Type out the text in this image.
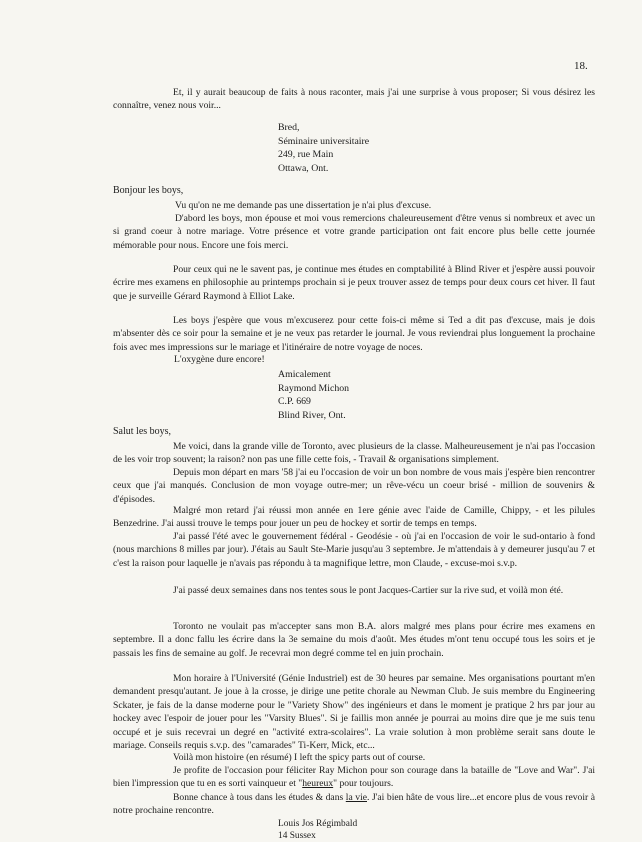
18.

Et, il y aurait beaucoup de faits à nous raconter, mais j'ai une surprise à vous proposer; Si vous désirez les connaître, venez nous voir...

Bred,
Séminaire universitaire
249, rue Main
Ottawa, Ont.
Bonjour les boys,

Vu qu'on ne me demande pas une dissertation je n'ai plus d'excuse.

D'abord les boys, mon épouse et moi vous remercions chaleureusement d'être venus si nombreux et avec un si grand coeur à notre mariage. Votre présence et votre grande participation ont fait encore plus belle cette journée mémorable pour nous. Encore une fois merci.

Pour ceux qui ne le savent pas, je continue mes études en comptabilité à Blind River et j'espère aussi pouvoir écrire mes examens en philosophie au printemps prochain si je peux trouver assez de temps pour deux cours cet hiver. Il faut que je surveille Gérard Raymond à Elliot Lake.

Les boys j'espère que vous m'excuserez pour cette fois-ci même si Ted a dit pas d'excuse, mais je dois m'absenter dès ce soir pour la semaine et je ne veux pas retarder le journal. Je vous reviendrai plus longuement la prochaine fois avec mes impressions sur le mariage et l'itinéraire de notre voyage de noces.

L'oxygène dure encore!
Amicalement
Raymond Michon
C.P. 669
Blind River, Ont.
Salut les boys,

Me voici, dans la grande ville de Toronto, avec plusieurs de la classe. Malheureusement je n'ai pas l'occasion de les voir trop souvent; la raison? non pas une fille cette fois, - Travail & organisations simplement.

Depuis mon départ en mars '58 j'ai eu l'occasion de voir un bon nombre de vous mais j'espère bien rencontrer ceux que j'ai manqués. Conclusion de mon voyage outre-mer; un rêve-vécu un coeur brisé - million de souvenirs & d'épisodes.

Malgré mon retard j'ai réussi mon année en 1ere génie avec l'aide de Camille, Chippy, - et les pilules Benzedrine. J'ai aussi trouve le temps pour jouer un peu de hockey et sortir de temps en temps.

J'ai passé l'été avec le gouvernement fédéral - Geodésie - où j'ai en l'occasion de voir le sud-ontario à fond (nous marchions 8 milles par jour). J'étais au Sault Ste-Marie jusqu'au 3 septembre. Je m'attendais à y demeurer jusqu'au 7 et c'est la raison pour laquelle je n'avais pas répondu à ta magnifique lettre, mon Claude, - excuse-moi s.v.p.

J'ai passé deux semaines dans nos tentes sous le pont Jacques-Cartier sur la rive sud, et voilà mon été.

Toronto ne voulait pas m'accepter sans mon B.A. alors malgré mes plans pour écrire mes examens en septembre. Il a donc fallu les écrire dans la 3e semaine du mois d'août. Mes études m'ont tenu occupé tous les soirs et je passais les fins de semaine au golf. Je recevrai mon degré comme tel en juin prochain.

Mon horaire à l'Université (Génie Industriel) est de 30 heures par semaine. Mes organisations pourtant m'en demandent presqu'autant. Je joue à la crosse, je dirige une petite chorale au Newman Club. Je suis membre du Engineering Sckater, je fais de la danse moderne pour le "Variety Show" des ingénieurs et dans le moment je pratique 2 hrs par jour au hockey avec l'espoir de jouer pour les "Varsity Blues". Si je faillis mon année je pourrai au moins dire que je me suis tenu occupé et je suis recevrai un degré en "activité extra-scolaires". La vraie solution à mon problème serait sans doute le mariage. Conseils requis s.v.p. des "camarades" Ti-Kerr, Mick, etc...

Voilà mon histoire (en résumé) I left the spicy parts out of course.

Je profite de l'occasion pour féliciter Ray Michon pour son courage dans la bataille de "Love and War". J'ai bien l'impression que tu en es sorti vainqueur et "heureux" pour toujours.

Bonne chance à tous dans les études & dans la vie. J'ai bien hâte de vous lire...et encore plus de vous revoir à notre prochaine rencontre.

Louis Jos Régimbald
14 Sussex
